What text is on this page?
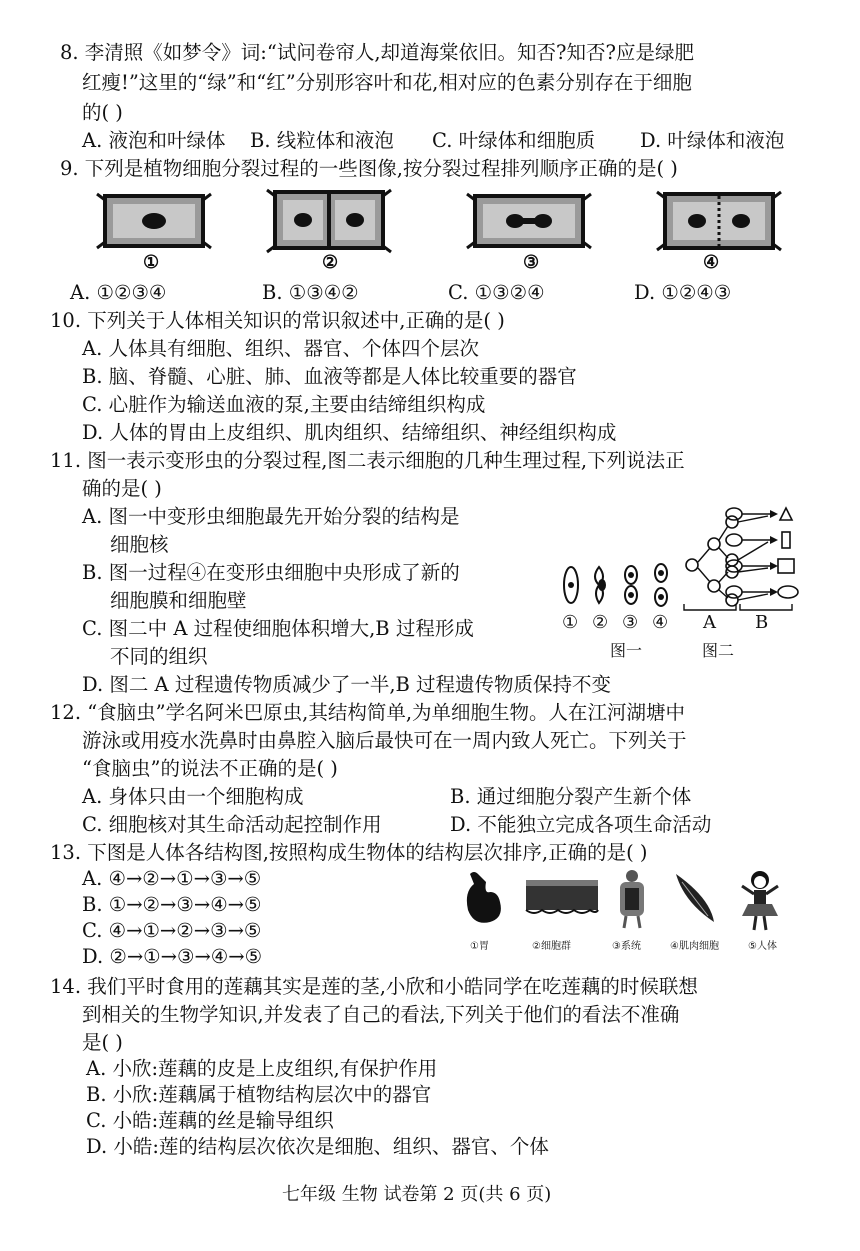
8. 李清照《如梦令》词:“试问卷帘人,却道海棠依旧。知否?知否?应是绿肥
红瘦!”这里的“绿”和“红”分别形容叶和花,相对应的色素分别存在于细胞
的( )
A. 液泡和叶绿体 B. 线粒体和液泡 C. 叶绿体和细胞质 D. 叶绿体和液泡
9. 下列是植物细胞分裂过程的一些图像,按分裂过程排列顺序正确的是( )
①	②	③	④
A. ①②③④	B. ①③④②	C. ①③②④	D. ①②④③
10. 下列关于人体相关知识的常识叙述中,正确的是( )
A. 人体具有细胞、组织、器官、个体四个层次
B. 脑、脊髓、心脏、肺、血液等都是人体比较重要的器官
C. 心脏作为输送血液的泵,主要由结缔组织构成
D. 人体的胃由上皮组织、肌肉组织、结缔组织、神经组织构成
11. 图一表示变形虫的分裂过程,图二表示细胞的几种生理过程,下列说法正
确的是( )
A. 图一中变形虫细胞最先开始分裂的结构是
细胞核
B. 图一过程④在变形虫细胞中央形成了新的
细胞膜和细胞壁
C. 图二中 A 过程使细胞体积增大,B 过程形成
不同的组织
D. 图二 A 过程遗传物质减少了一半,B 过程遗传物质保持不变
① ② ③ ④
图一
A B
图二
12. “食脑虫”学名阿米巴原虫,其结构简单,为单细胞生物。人在江河湖塘中
游泳或用疫水洗鼻时由鼻腔入脑后最快可在一周内致人死亡。下列关于
“食脑虫”的说法不正确的是( )
A. 身体只由一个细胞构成	B. 通过细胞分裂产生新个体
C. 细胞核对其生命活动起控制作用	D. 不能独立完成各项生命活动
13. 下图是人体各结构图,按照构成生物体的结构层次排序,正确的是( )
A. ④→②→①→③→⑤
B. ①→②→③→④→⑤
C. ④→①→②→③→⑤
D. ②→①→③→④→⑤	①胃	②细胞群	③系统	④肌肉细胞	⑤人体
14. 我们平时食用的莲藕其实是莲的茎,小欣和小皓同学在吃莲藕的时候联想
到相关的生物学知识,并发表了自己的看法,下列关于他们的看法不准确
是( )
A. 小欣:莲藕的皮是上皮组织,有保护作用
B. 小欣:莲藕属于植物结构层次中的器官
C. 小皓:莲藕的丝是输导组织
D. 小皓:莲的结构层次依次是细胞、组织、器官、个体
七年级 生物 试卷第 2 页(共 6 页)
